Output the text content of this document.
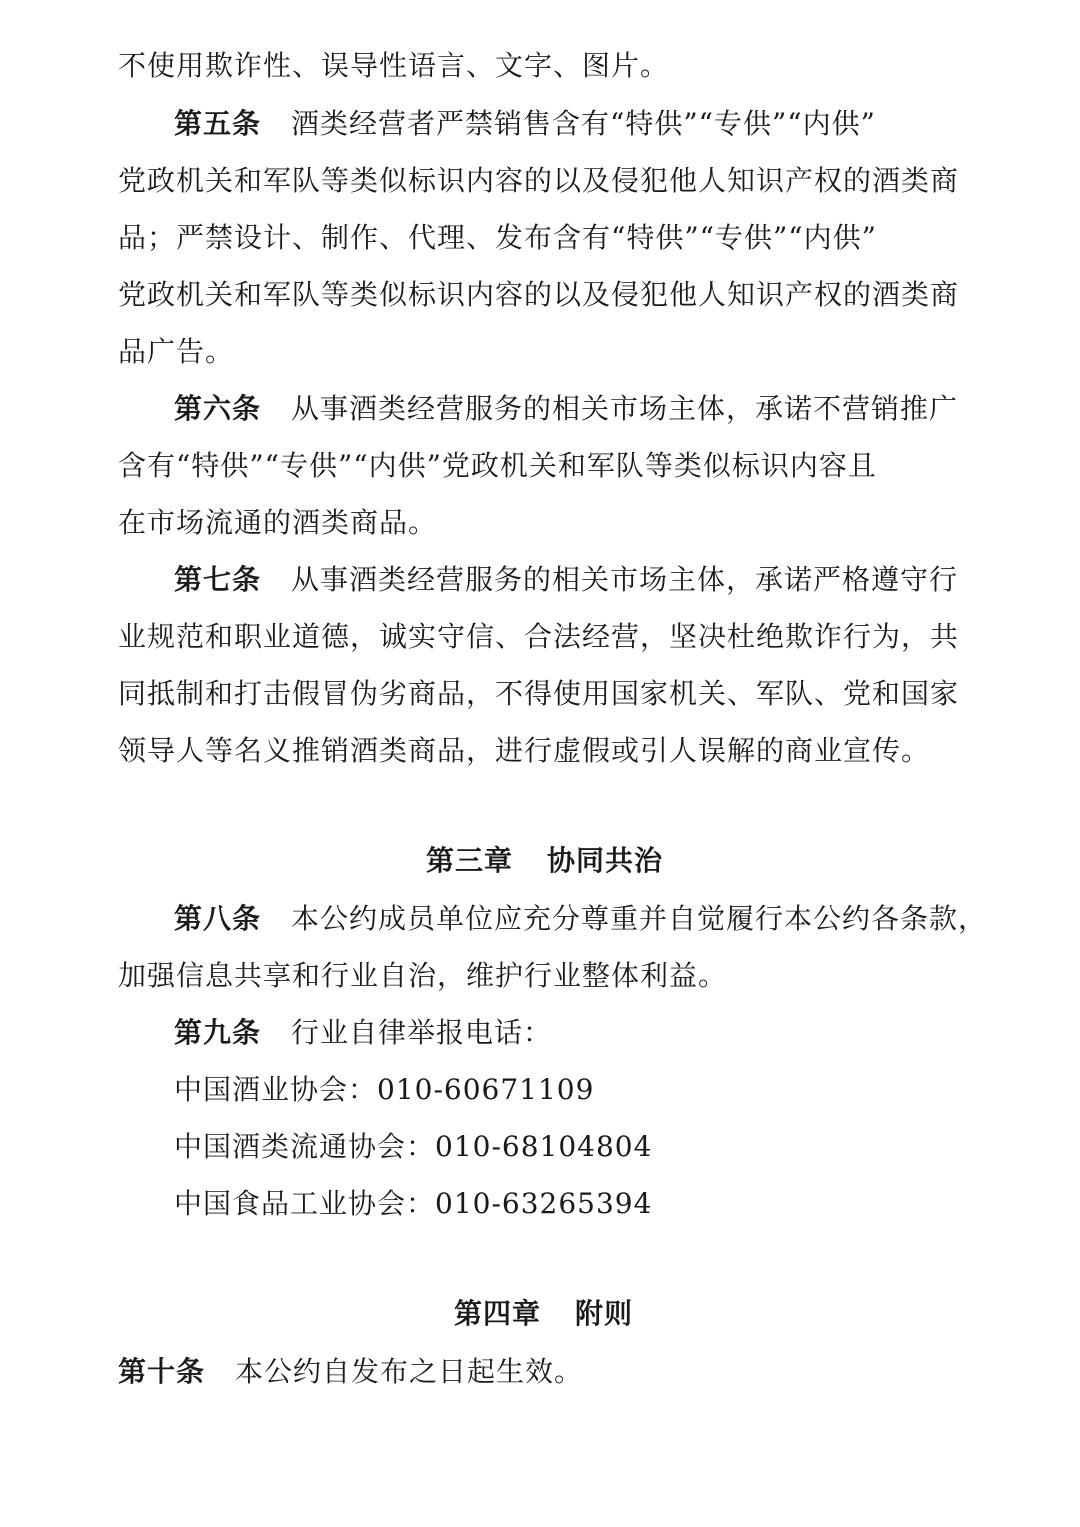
不使用欺诈性、误导性语言、文字、图片。
第五条 酒类经营者严禁销售含有“特供”“专供”“内供”
党政机关和军队等类似标识内容的以及侵犯他人知识产权的酒类商
品；严禁设计、制作、代理、发布含有“特供”“专供”“内供”
党政机关和军队等类似标识内容的以及侵犯他人知识产权的酒类商
品广告。
第六条 从事酒类经营服务的相关市场主体，承诺不营销推广
含有“特供”“专供”“内供”党政机关和军队等类似标识内容且
在市场流通的酒类商品。
第七条 从事酒类经营服务的相关市场主体，承诺严格遵守行
业规范和职业道德，诚实守信、合法经营，坚决杜绝欺诈行为，共
同抵制和打击假冒伪劣商品，不得使用国家机关、军队、党和国家
领导人等名义推销酒类商品，进行虚假或引人误解的商业宣传。
第三章 协同共治
第八条 本公约成员单位应充分尊重并自觉履行本公约各条款，
加强信息共享和行业自治，维护行业整体利益。
第九条 行业自律举报电话：
中国酒业协会：010-60671109
中国酒类流通协会：010-68104804
中国食品工业协会：010-63265394
第四章 附则
第十条 本公约自发布之日起生效。
